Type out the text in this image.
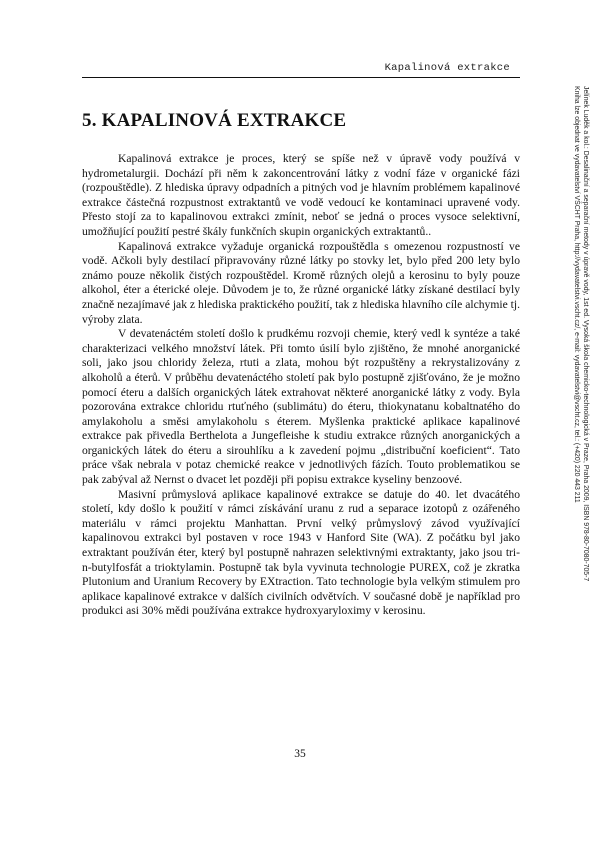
Kapalinová extrakce
5. KAPALINOVÁ EXTRAKCE

Kapalinová extrakce je proces, který se spíše než v úpravě vody používá v hydrometalurgii. Dochází při něm k zakoncentrování látky z vodní fáze v organické fázi (rozpouštědle). Z hlediska úpravy odpadních a pitných vod je hlavním problémem kapalinové extrakce částečná rozpustnost extraktantů ve vodě vedoucí ke kontaminaci upravené vody. Přesto stojí za to kapalinovou extrakci zmínit, neboť se jedná o proces vysoce selektivní, umožňující použití pestré škály funkčních skupin organických extraktantů..

Kapalinová extrakce vyžaduje organická rozpouštědla s omezenou rozpustností ve vodě. Ačkoli byly destilací připravovány různé látky po stovky let, bylo před 200 lety bylo známo pouze několik čistých rozpouštědel. Kromě různých olejů a kerosinu to byly pouze alkohol, éter a éterické oleje. Důvodem je to, že různé organické látky získané destilací byly značně nezajímavé jak z hlediska praktického použití, tak z hlediska hlavního cíle alchymie tj. výroby zlata.

V devatenáctém století došlo k prudkému rozvoji chemie, který vedl k syntéze a také charakterizaci velkého množství látek. Při tomto úsilí bylo zjištěno, že mnohé anorganické soli, jako jsou chloridy železa, rtuti a zlata, mohou být rozpuštěny a rekrystalizovány z alkoholů a éterů. V průběhu devatenáctého století pak bylo postupně zjišťováno, že je možno pomocí éteru a dalších organických látek extrahovat některé anorganické látky z vody. Byla pozorována extrakce chloridu rtuťného (sublimátu) do éteru, thiokynatanu kobaltnatého do amylakoholu a směsi amylakoholu s éterem. Myšlenka praktické aplikace kapalinové extrakce pak přivedla Berthelota a Jungefleishe k studiu extrakce různých anorganických a organických látek do éteru a sirouhlíku a k zavedení pojmu „distribuční koeficient“. Tato práce však nebrala v potaz chemické reakce v jednotlivých fázích. Touto problematikou se pak zabýval až Nernst o dvacet let později při popisu extrakce kyseliny benzoové.

Masivní průmyslová aplikace kapalinové extrakce se datuje do 40. let dvacátého století, kdy došlo k použití v rámci získávání uranu z rud a separace izotopů z ozářeného materiálu v rámci projektu Manhattan. První velký průmyslový závod využívající kapalinovou extrakci byl postaven v roce 1943 v Hanford Site (WA). Z počátku byl jako extraktant používán éter, který byl postupně nahrazen selektivnými extraktanty, jako jsou tri-n-butylfosfát a trioktylamin. Postupně tak byla vyvinuta technologie PUREX, což je zkratka Plutonium and Uranium Recovery by EXtraction. Tato technologie byla velkým stimulem pro aplikace kapalinové extrakce v dalších civilních odvětvích. V současné době je například pro produkci asi 30% mědi používána extrakce hydroxyaryloximy v kerosinu.

Jelínek Luděk a kol.: Desalinační a separační metody v úpravě vody, 1st ed. Vysoká škola chemicko-technologická v Praze, Praha 2009, ISBN 978-80-7080-705-7
Kniha lze objednat ve vydavatelství VŠCHT Praha, http://vydavatelstvi.vscht.cz/, e-mail: vydavatelstvi@vscht.cz, tel.: (+420) 220 443 211
35
